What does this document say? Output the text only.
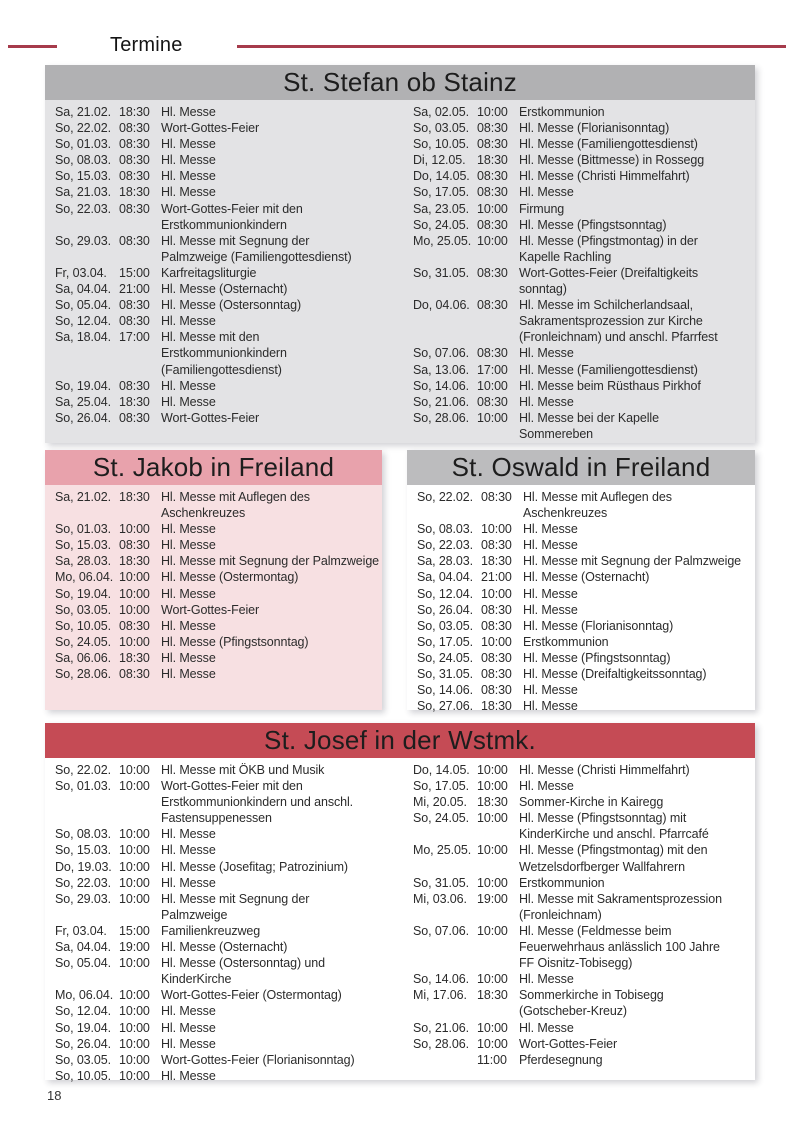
Termine
St. Stefan ob Stainz
Sa, 21.02. 18:30 Hl. Messe
So, 22.02. 08:30 Wort-Gottes-Feier
So, 01.03. 08:30 Hl. Messe
So, 08.03. 08:30 Hl. Messe
So, 15.03. 08:30 Hl. Messe
Sa, 21.03. 18:30 Hl. Messe
So, 22.03. 08:30 Wort-Gottes-Feier mit den
Erstkommunionkindern
So, 29.03. 08:30 Hl. Messe mit Segnung der
Palmzweige (Familiengottesdienst)
Fr, 03.04. 15:00 Karfreitagsliturgie
Sa, 04.04. 21:00 Hl. Messe (Osternacht)
So, 05.04. 08:30 Hl. Messe (Ostersonntag)
So, 12.04. 08:30 Hl. Messe
Sa, 18.04. 17:00 Hl. Messe mit den
Erstkommunionkindern
(Familiengottesdienst)
So, 19.04. 08:30 Hl. Messe
Sa, 25.04. 18:30 Hl. Messe
So, 26.04. 08:30 Wort-Gottes-Feier
Sa, 02.05. 10:00 Erstkommunion
So, 03.05. 08:30 Hl. Messe (Florianisonntag)
So, 10.05. 08:30 Hl. Messe (Familiengottesdienst)
Di, 12.05. 18:30 Hl. Messe (Bittmesse) in Rossegg
Do, 14.05. 08:30 Hl. Messe (Christi Himmelfahrt)
So, 17.05. 08:30 Hl. Messe
Sa, 23.05. 10:00 Firmung
So, 24.05. 08:30 Hl. Messe (Pfingstsonntag)
Mo, 25.05. 10:00 Hl. Messe (Pfingstmontag) in der
Kapelle Rachling
So, 31.05. 08:30 Wort-Gottes-Feier (Dreifaltigkeits
sonntag)
Do, 04.06. 08:30 Hl. Messe im Schilcherlandsaal,
Sakramentsprozession zur Kirche
(Fronleichnam) und anschl. Pfarrfest
So, 07.06. 08:30 Hl. Messe
Sa, 13.06. 17:00 Hl. Messe (Familiengottesdienst)
So, 14.06. 10:00 Hl. Messe beim Rüsthaus Pirkhof
So, 21.06. 08:30 Hl. Messe
So, 28.06. 10:00 Hl. Messe bei der Kapelle
Sommereben
St. Jakob in Freiland
Sa, 21.02. 18:30 Hl. Messe mit Auflegen des
Aschenkreuzes
So, 01.03. 10:00 Hl. Messe
So, 15.03. 08:30 Hl. Messe
Sa, 28.03. 18:30 Hl. Messe mit Segnung der Palmzweige
Mo, 06.04. 10:00 Hl. Messe (Ostermontag)
So, 19.04. 10:00 Hl. Messe
So, 03.05. 10:00 Wort-Gottes-Feier
So, 10.05. 08:30 Hl. Messe
So, 24.05. 10:00 Hl. Messe (Pfingstsonntag)
Sa, 06.06. 18:30 Hl. Messe
So, 28.06. 08:30 Hl. Messe
St. Oswald in Freiland
So, 22.02. 08:30 Hl. Messe mit Auflegen des
Aschenkreuzes
So, 08.03. 10:00 Hl. Messe
So, 22.03. 08:30 Hl. Messe
Sa, 28.03. 18:30 Hl. Messe mit Segnung der Palmzweige
Sa, 04.04. 21:00 Hl. Messe (Osternacht)
So, 12.04. 10:00 Hl. Messe
So, 26.04. 08:30 Hl. Messe
So, 03.05. 08:30 Hl. Messe (Florianisonntag)
So, 17.05. 10:00 Erstkommunion
So, 24.05. 08:30 Hl. Messe (Pfingstsonntag)
So, 31.05. 08:30 Hl. Messe (Dreifaltigkeitssonntag)
So, 14.06. 08:30 Hl. Messe
So, 27.06. 18:30 Hl. Messe
St. Josef in der Wstmk.
So, 22.02. 10:00 Hl. Messe mit ÖKB und Musik
So, 01.03. 10:00 Wort-Gottes-Feier mit den
Erstkommunionkindern und anschl.
Fastensuppenessen
So, 08.03. 10:00 Hl. Messe
So, 15.03. 10:00 Hl. Messe
Do, 19.03. 10:00 Hl. Messe (Josefitag; Patrozinium)
So, 22.03. 10:00 Hl. Messe
So, 29.03. 10:00 Hl. Messe mit Segnung der
Palmzweige
Fr, 03.04. 15:00 Familienkreuzweg
Sa, 04.04. 19:00 Hl. Messe (Osternacht)
So, 05.04. 10:00 Hl. Messe (Ostersonntag) und
KinderKirche
Mo, 06.04. 10:00 Wort-Gottes-Feier (Ostermontag)
So, 12.04. 10:00 Hl. Messe
So, 19.04. 10:00 Hl. Messe
So, 26.04. 10:00 Hl. Messe
So, 03.05. 10:00 Wort-Gottes-Feier (Florianisonntag)
So, 10.05. 10:00 Hl. Messe
Do, 14.05. 10:00 Hl. Messe (Christi Himmelfahrt)
So, 17.05. 10:00 Hl. Messe
Mi, 20.05. 18:30 Sommer-Kirche in Kairegg
So, 24.05. 10:00 Hl. Messe (Pfingstsonntag) mit
KinderKirche und anschl. Pfarrcafé
Mo, 25.05. 10:00 Hl. Messe (Pfingstmontag) mit den
Wetzelsdorfberger Wallfahrern
So, 31.05. 10:00 Erstkommunion
Mi, 03.06. 19:00 Hl. Messe mit Sakramentsprozession
(Fronleichnam)
So, 07.06. 10:00 Hl. Messe (Feldmesse beim
Feuerwehrhaus anlässlich 100 Jahre
FF Oisnitz-Tobisegg)
So, 14.06. 10:00 Hl. Messe
Mi, 17.06. 18:30 Sommerkirche in Tobisegg
(Gotscheber-Kreuz)
So, 21.06. 10:00 Hl. Messe
So, 28.06. 10:00 Wort-Gottes-Feier
11:00 Pferdesegnung
18
